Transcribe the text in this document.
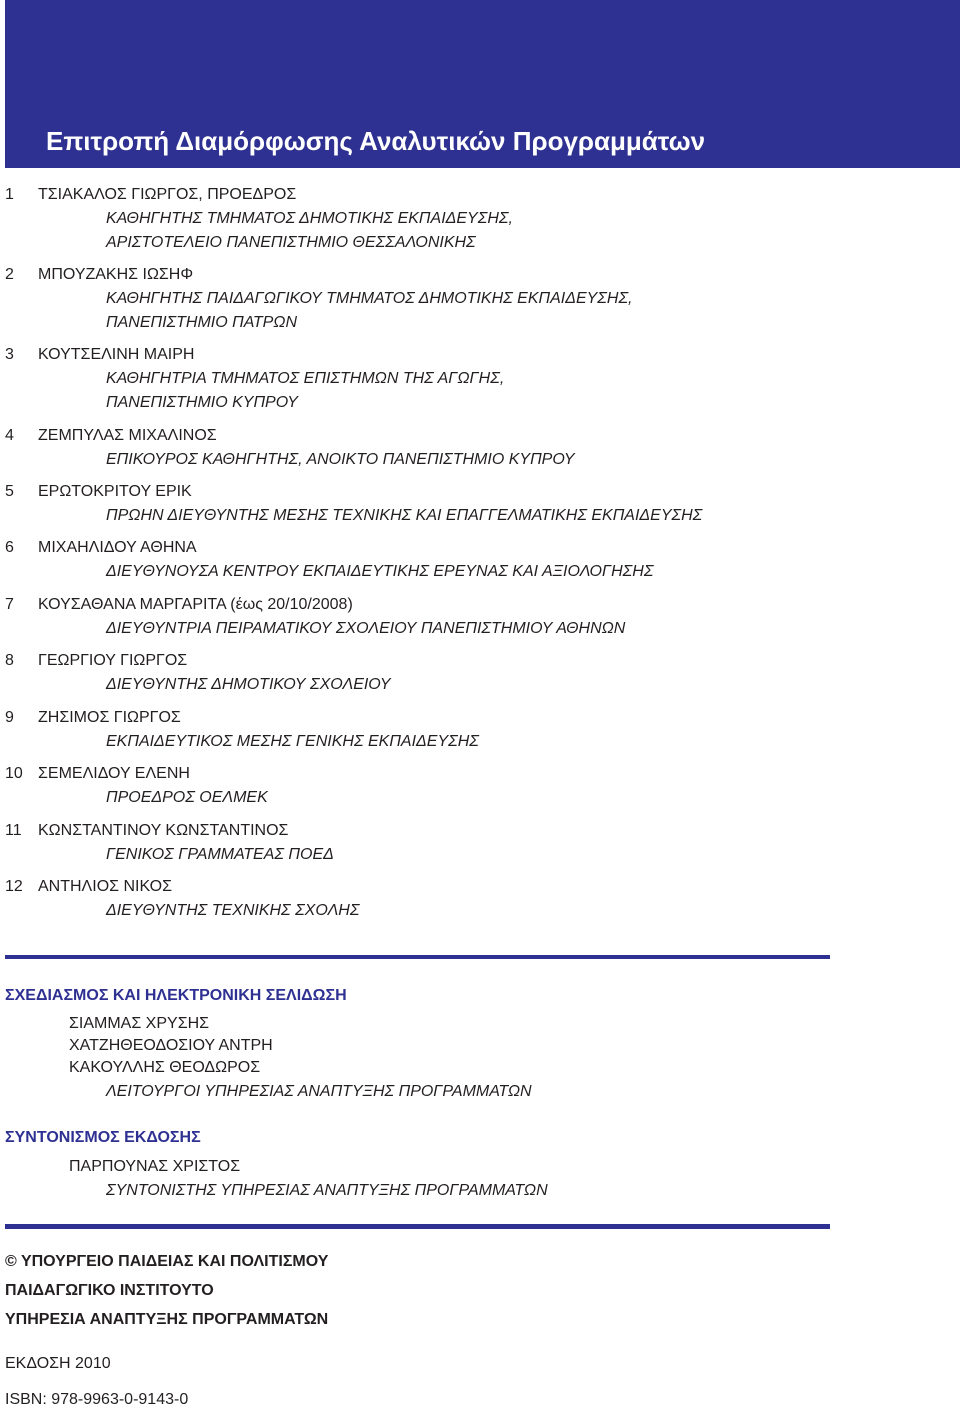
Επιτροπή Διαμόρφωσης Αναλυτικών Προγραμμάτων
1 ΤΣΙΑΚΑΛΟΣ ΓΙΩΡΓΟΣ, ΠΡΟΕΔΡΟΣ
ΚΑΘΗΓΗΤΗΣ ΤΜΗΜΑΤΟΣ ΔΗΜΟΤΙΚΗΣ ΕΚΠΑΙΔΕΥΣΗΣ,
ΑΡΙΣΤΟΤΕΛΕΙΟ ΠΑΝΕΠΙΣΤΗΜΙΟ ΘΕΣΣΑΛΟΝΙΚΗΣ
2 ΜΠΟΥΖΑΚΗΣ ΙΩΣΗΦ
ΚΑΘΗΓΗΤΗΣ ΠΑΙΔΑΓΩΓΙΚΟΥ ΤΜΗΜΑΤΟΣ ΔΗΜΟΤΙΚΗΣ ΕΚΠΑΙΔΕΥΣΗΣ,
ΠΑΝΕΠΙΣΤΗΜΙΟ ΠΑΤΡΩΝ
3 ΚΟΥΤΣΕΛΙΝΗ ΜΑΙΡΗ
ΚΑΘΗΓΗΤΡΙΑ ΤΜΗΜΑΤΟΣ ΕΠΙΣΤΗΜΩΝ ΤΗΣ ΑΓΩΓΗΣ,
ΠΑΝΕΠΙΣΤΗΜΙΟ ΚΥΠΡΟΥ
4 ΖΕΜΠΥΛΑΣ ΜΙΧΑΛΙΝΟΣ
ΕΠΙΚΟΥΡΟΣ ΚΑΘΗΓΗΤΗΣ, ΑΝΟΙΚΤΟ ΠΑΝΕΠΙΣΤΗΜΙΟ ΚΥΠΡΟΥ
5 ΕΡΩΤΟΚΡΙΤΟΥ ΕΡΙΚ
ΠΡΩΗΝ ΔΙΕΥΘΥΝΤΗΣ ΜΕΣΗΣ ΤΕΧΝΙΚΗΣ ΚΑΙ ΕΠΑΓΓΕΛΜΑΤΙΚΗΣ ΕΚΠΑΙΔΕΥΣΗΣ
6 ΜΙΧΑΗΛΙΔΟΥ ΑΘΗΝΑ
ΔΙΕΥΘΥΝΟΥΣΑ ΚΕΝΤΡΟΥ ΕΚΠΑΙΔΕΥΤΙΚΗΣ ΕΡΕΥΝΑΣ ΚΑΙ ΑΞΙΟΛΟΓΗΣΗΣ
7 ΚΟΥΣΑΘΑΝΑ ΜΑΡΓΑΡΙΤΑ (έως 20/10/2008)
ΔΙΕΥΘΥΝΤΡΙΑ ΠΕΙΡΑΜΑΤΙΚΟΥ ΣΧΟΛΕΙΟΥ ΠΑΝΕΠΙΣΤΗΜΙΟΥ ΑΘΗΝΩΝ
8 ΓΕΩΡΓΙΟΥ ΓΙΩΡΓΟΣ
ΔΙΕΥΘΥΝΤΗΣ ΔΗΜΟΤΙΚΟΥ ΣΧΟΛΕΙΟΥ
9 ΖΗΣΙΜΟΣ ΓΙΩΡΓΟΣ
ΕΚΠΑΙΔΕΥΤΙΚΟΣ ΜΕΣΗΣ ΓΕΝΙΚΗΣ ΕΚΠΑΙΔΕΥΣΗΣ
10 ΣΕΜΕΛΙΔΟΥ ΕΛΕΝΗ
ΠΡΟΕΔΡΟΣ ΟΕΛΜΕΚ
11 ΚΩΝΣΤΑΝΤΙΝΟΥ ΚΩΝΣΤΑΝΤΙΝΟΣ
ΓΕΝΙΚΟΣ ΓΡΑΜΜΑΤΕΑΣ ΠΟΕΔ
12 ΑΝΤΗΛΙΟΣ ΝΙΚΟΣ
ΔΙΕΥΘΥΝΤΗΣ ΤΕΧΝΙΚΗΣ ΣΧΟΛΗΣ
ΣΧΕΔΙΑΣΜΟΣ ΚΑΙ ΗΛΕΚΤΡΟΝΙΚΗ ΣΕΛΙΔΩΣΗ
ΣΙΑΜΜΑΣ ΧΡΥΣΗΣ
ΧΑΤΖΗΘΕΟΔΟΣΙΟΥ ΑΝΤΡΗ
ΚΑΚΟΥΛΛΗΣ ΘΕΟΔΩΡΟΣ
ΛΕΙΤΟΥΡΓΟΙ ΥΠΗΡΕΣΙΑΣ ΑΝΑΠΤΥΞΗΣ ΠΡΟΓΡΑΜΜΑΤΩΝ
ΣΥΝΤΟΝΙΣΜΟΣ ΕΚΔΟΣΗΣ
ΠΑΡΠΟΥΝΑΣ ΧΡΙΣΤΟΣ
ΣΥΝΤΟΝΙΣΤΗΣ ΥΠΗΡΕΣΙΑΣ ΑΝΑΠΤΥΞΗΣ ΠΡΟΓΡΑΜΜΑΤΩΝ
© ΥΠΟΥΡΓΕΙΟ ΠΑΙΔΕΙΑΣ ΚΑΙ ΠΟΛΙΤΙΣΜΟΥ
ΠΑΙΔΑΓΩΓΙΚΟ ΙΝΣΤΙΤΟΥΤΟ
ΥΠΗΡΕΣΙΑ ΑΝΑΠΤΥΞΗΣ ΠΡΟΓΡΑΜΜΑΤΩΝ
ΕΚΔΟΣΗ 2010
ISBN: 978-9963-0-9143-0
